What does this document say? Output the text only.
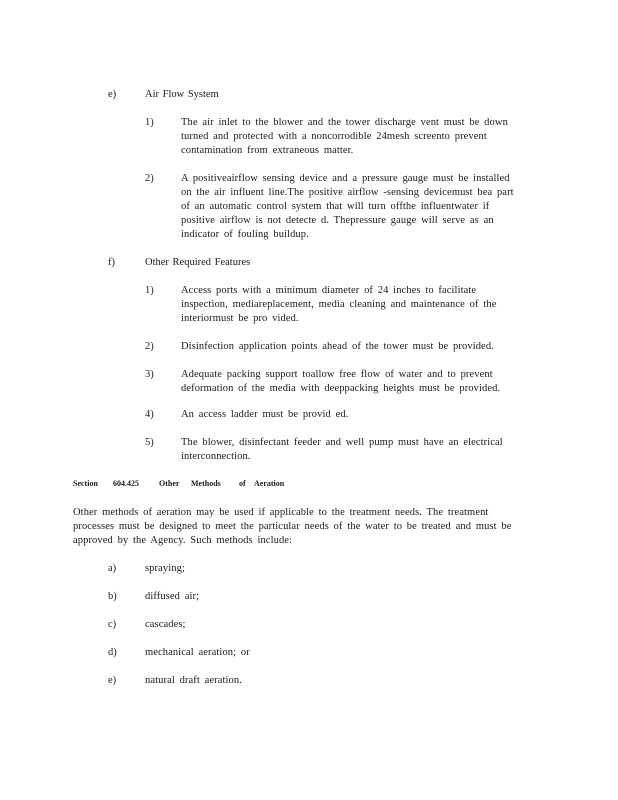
e)	Air Flow System
1)	The air inlet to the blower and the tower discharge vent must be down
turned and protected with a noncorrodible 24mesh screento prevent
contamination from extraneous matter.
2)	A positiveairflow sensing device and a pressure gauge must be installed
on the air influent line.The positive airflow -sensing devicemust bea part
of an automatic control system that will turn offthe influentwater if
positive airflow is not detecte d. Thepressure gauge will serve as an
indicator of fouling buildup.
f)	Other Required Features
1)	Access ports with a minimum diameter of 24 inches to facilitate
inspection, mediareplacement, media cleaning and maintenance of the
interiormust be pro vided.
2)	Disinfection application points ahead of the tower must be provided.
3)	Adequate packing support toallow free flow of water and to prevent
deformation of the media with deeppacking heights must be provided.
4)	An access ladder must be provid ed.
5)	The blower, disinfectant feeder and well pump must have an electrical
interconnection.
Section 604.425	Other Methods of Aeration
Other methods of aeration may be used if applicable to the treatment needs. The treatment
processes must be designed to meet the particular needs of the water to be treated and must be
approved by the Agency. Such methods include:
a)	spraying;
b)	diffused air;
c)	cascades;
d)	mechanical aeration; or
e)	natural draft aeration.
